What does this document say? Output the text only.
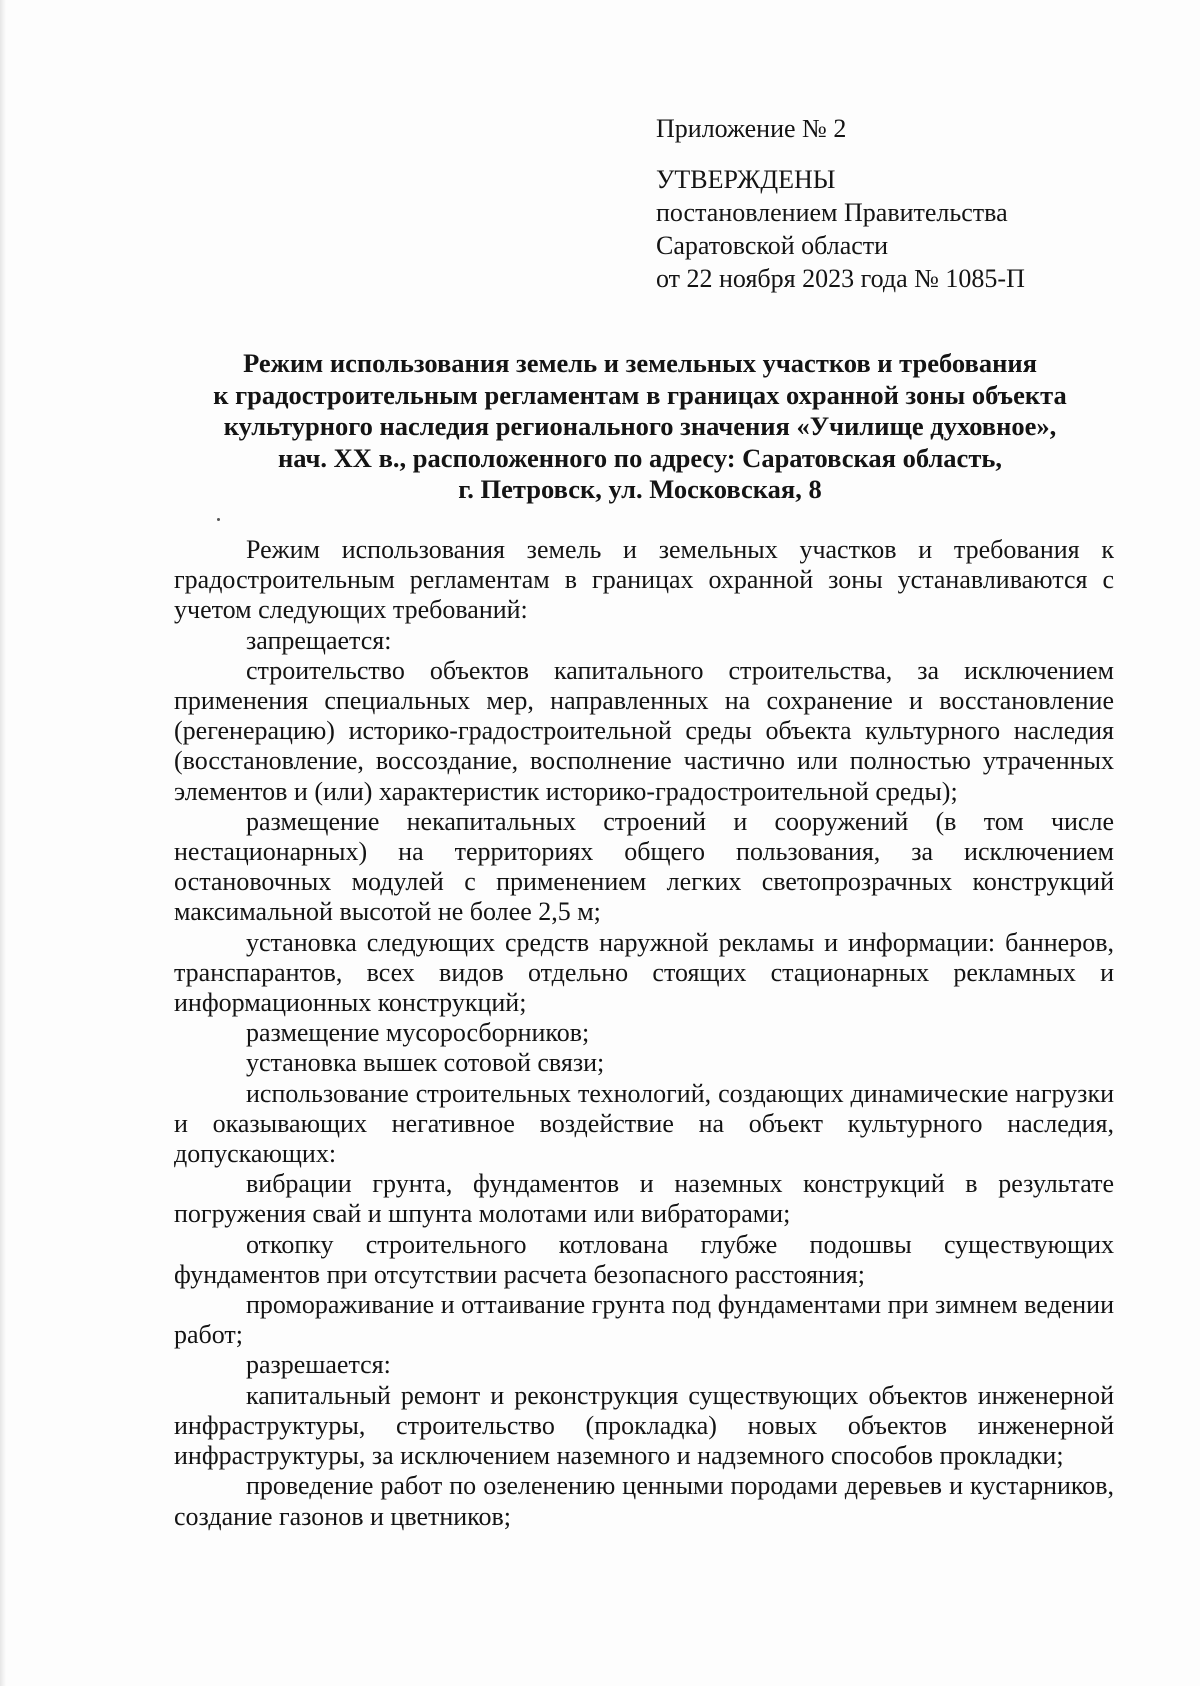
Приложение № 2
УТВЕРЖДЕНЫ
постановлением Правительства
Саратовской области
от 22 ноября 2023 года № 1085-П
Режим использования земель и земельных участков и требования
к градостроительным регламентам в границах охранной зоны объекта
культурного наследия регионального значения «Училище духовное»,
нач. XX в., расположенного по адресу: Саратовская область,
г. Петровск, ул. Московская, 8

Режим использования земель и земельных участков и требования к градостроительным регламентам в границах охранной зоны устанавливаются с учетом следующих требований:

запрещается:

строительство объектов капитального строительства, за исключением применения специальных мер, направленных на сохранение и восстановление (регенерацию) историко-градостроительной среды объекта культурного наследия (восстановление, воссоздание, восполнение частично или полностью утраченных элементов и (или) характеристик историко-градостроительной среды);

размещение некапитальных строений и сооружений (в том числе нестационарных) на территориях общего пользования, за исключением остановочных модулей с применением легких светопрозрачных конструкций максимальной высотой не более 2,5 м;

установка следующих средств наружной рекламы и информации: баннеров, транспарантов, всех видов отдельно стоящих стационарных рекламных и информационных конструкций;

размещение мусоросборников;

установка вышек сотовой связи;

использование строительных технологий, создающих динамические нагрузки и оказывающих негативное воздействие на объект культурного наследия, допускающих:

вибрации грунта, фундаментов и наземных конструкций в результате погружения свай и шпунта молотами или вибраторами;

откопку строительного котлована глубже подошвы существующих фундаментов при отсутствии расчета безопасного расстояния;

промораживание и оттаивание грунта под фундаментами при зимнем ведении работ;

разрешается:

капитальный ремонт и реконструкция существующих объектов инженерной инфраструктуры, строительство (прокладка) новых объектов инженерной инфраструктуры, за исключением наземного и надземного способов прокладки;

проведение работ по озеленению ценными породами деревьев и кустарников, создание газонов и цветников;
